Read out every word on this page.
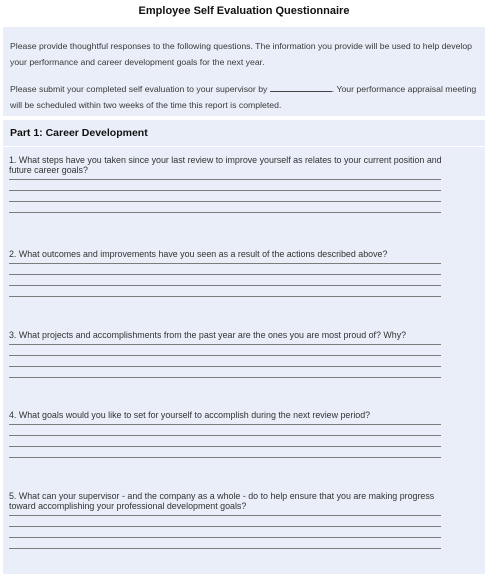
Employee Self Evaluation Questionnaire

Please provide thoughtful responses to the following questions. The information you provide will be used to help develop your performance and career development goals for the next year.

Please submit your completed self evaluation to your supervisor by	. Your performance appraisal meeting will be scheduled within two weeks of the time this report is completed.

Part 1: Career Development

1. What steps have you taken since your last review to improve yourself as relates to your current position and future career goals?

2. What outcomes and improvements have you seen as a result of the actions described above?

3. What projects and accomplishments from the past year are the ones you are most proud of? Why?

4. What goals would you like to set for yourself to accomplish during the next review period?

5. What can your supervisor - and the company as a whole - do to help ensure that you are making progress toward accomplishing your professional development goals?
